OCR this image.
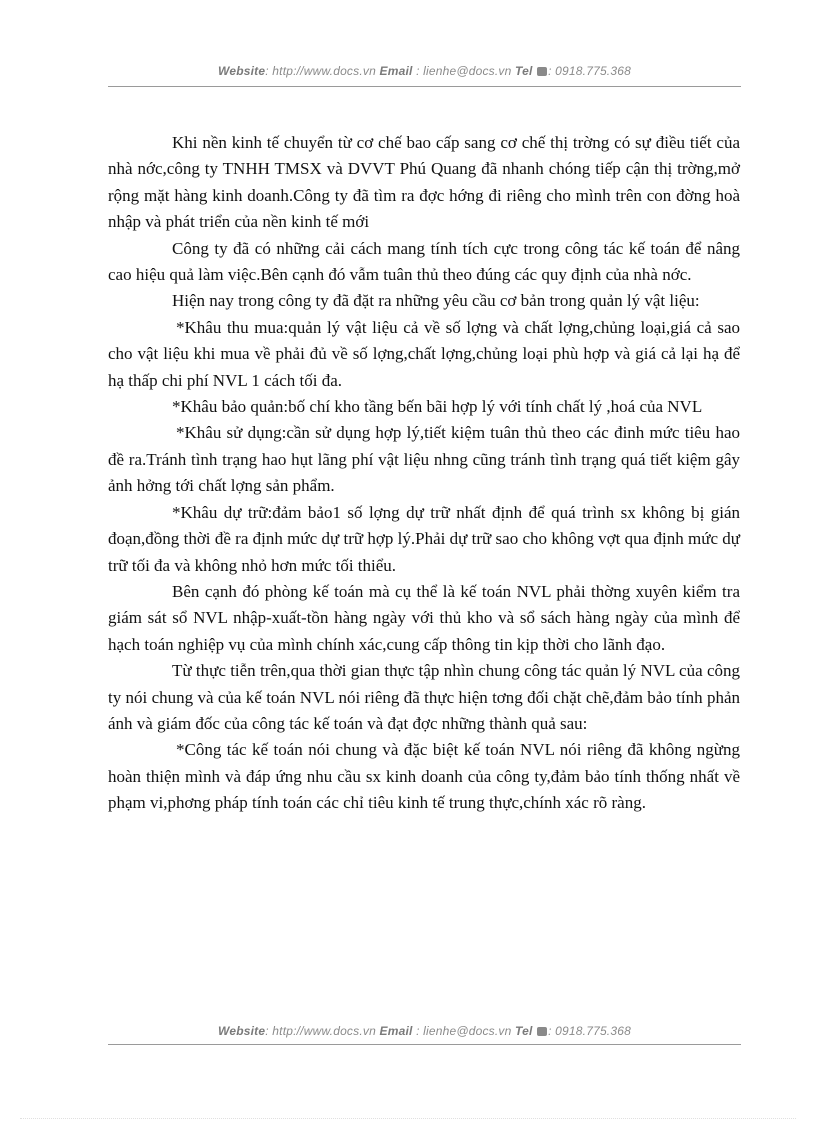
Website: http://www.docs.vn Email : lienhe@docs.vn Tel : 0918.775.368

Khi nền kinh tế chuyển từ cơ chế bao cấp sang cơ chế thị trờng có sự điều tiết của nhà nớc,công ty TNHH TMSX và DVVT Phú Quang đã nhanh chóng tiếp cận thị trờng,mở rộng mặt hàng kinh doanh.Công ty đã tìm ra đợc hớng đi riêng cho mình trên con đờng hoà nhập và phát triển của nền kinh tế mới

Công ty đã có những cải cách mang tính tích cực trong công tác kế toán để nâng cao hiệu quả làm việc.Bên cạnh đó vẫm tuân thủ theo đúng các quy định của nhà nớc.

Hiện nay trong công ty đã đặt ra những yêu cầu cơ bản trong quản lý vật liệu:

*Khâu thu mua:quản lý vật liệu cả về số lợng và chất lợng,chủng loại,giá cả sao cho vật liệu khi mua về phải đủ về số lợng,chất lợng,chủng loại phù hợp và giá cả lại hạ để hạ thấp chi phí NVL 1 cách tối đa.

*Khâu bảo quản:bố chí kho tầng bến bãi hợp lý với tính chất lý ,hoá của NVL

*Khâu sử dụng:cần sử dụng hợp lý,tiết kiệm tuân thủ theo các đinh mức tiêu hao đề ra.Tránh tình trạng hao hụt lãng phí vật liệu nhng cũng tránh tình trạng quá tiết kiệm gây ảnh hởng tới chất lợng sản phẩm.

*Khâu dự trữ:đảm bảo1 số lợng dự trữ nhất định để quá trình sx không bị gián đoạn,đồng thời đề ra định mức dự trữ hợp lý.Phải dự trữ sao cho không vợt qua định mức dự trữ tối đa và không nhỏ hơn mức tối thiểu.

Bên cạnh đó phòng kế toán mà cụ thể là kế toán NVL phải thờng xuyên kiểm tra giám sát sổ NVL nhập-xuất-tồn hàng ngày với thủ kho và sổ sách hàng ngày của mình để hạch toán nghiệp vụ của mình chính xác,cung cấp thông tin kịp thời cho lãnh đạo.

Từ thực tiễn trên,qua thời gian thực tập nhìn chung công tác quản lý NVL của công ty nói chung và của kế toán NVL nói riêng đã thực hiện tơng đối chặt chẽ,đảm bảo tính phản ánh và giám đốc của công tác kế toán và đạt đợc những thành quả sau:

*Công tác kế toán nói chung và đặc biệt kế toán NVL nói riêng đã không ngừng hoàn thiện mình và đáp ứng nhu cầu sx kinh doanh của công ty,đảm bảo tính thống nhất về phạm vi,phơng pháp tính toán các chỉ tiêu kinh tế trung thực,chính xác rõ ràng.

Website: http://www.docs.vn Email : lienhe@docs.vn Tel : 0918.775.368
